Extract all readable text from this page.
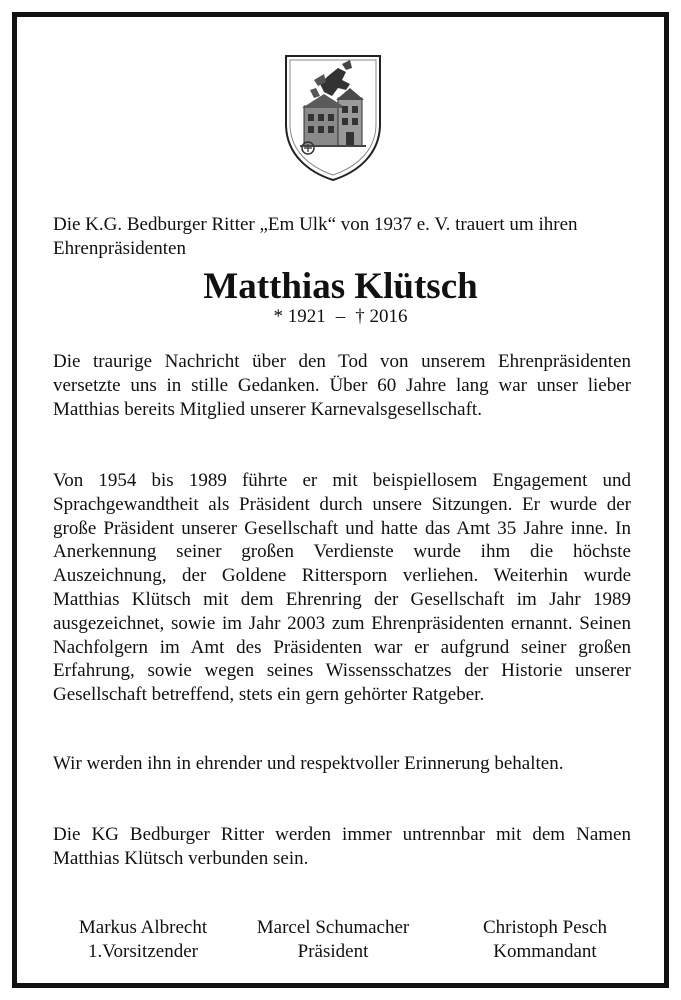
Die K.G. Bedburger Ritter „Em Ulk“ von 1937 e. V. trauert um ihren Ehrenpräsidenten

Matthias Klütsch
* 1921 – † 2016

Die traurige Nachricht über den Tod von unserem Ehrenpräsidenten versetzte uns in stille Gedanken. Über 60 Jahre lang war unser lieber Matthias bereits Mitglied unserer Karnevalsgesellschaft.

Von 1954 bis 1989 führte er mit beispiellosem Engagement und Sprachgewandtheit als Präsident durch unsere Sitzungen. Er wurde der große Präsident unserer Gesellschaft und hatte das Amt 35 Jahre inne. In Anerkennung seiner großen Verdienste wurde ihm die höchste Auszeichnung, der Goldene Rittersporn verliehen. Weiterhin wurde Matthias Klütsch mit dem Ehrenring der Gesellschaft im Jahr 1989 ausgezeichnet, sowie im Jahr 2003 zum Ehrenpräsidenten ernannt. Seinen Nachfolgern im Amt des Präsidenten war er aufgrund seiner großen Erfahrung, sowie wegen seines Wissensschatzes der Historie unserer Gesellschaft betreffend, stets ein gern gehörter Ratgeber.

Wir werden ihn in ehrender und respektvoller Erinnerung behalten.

Die KG Bedburger Ritter werden immer untrennbar mit dem Namen Matthias Klütsch verbunden sein.

Markus Albrecht
1.Vorsitzender
Marcel Schumacher
Präsident
Christoph Pesch
Kommandant
